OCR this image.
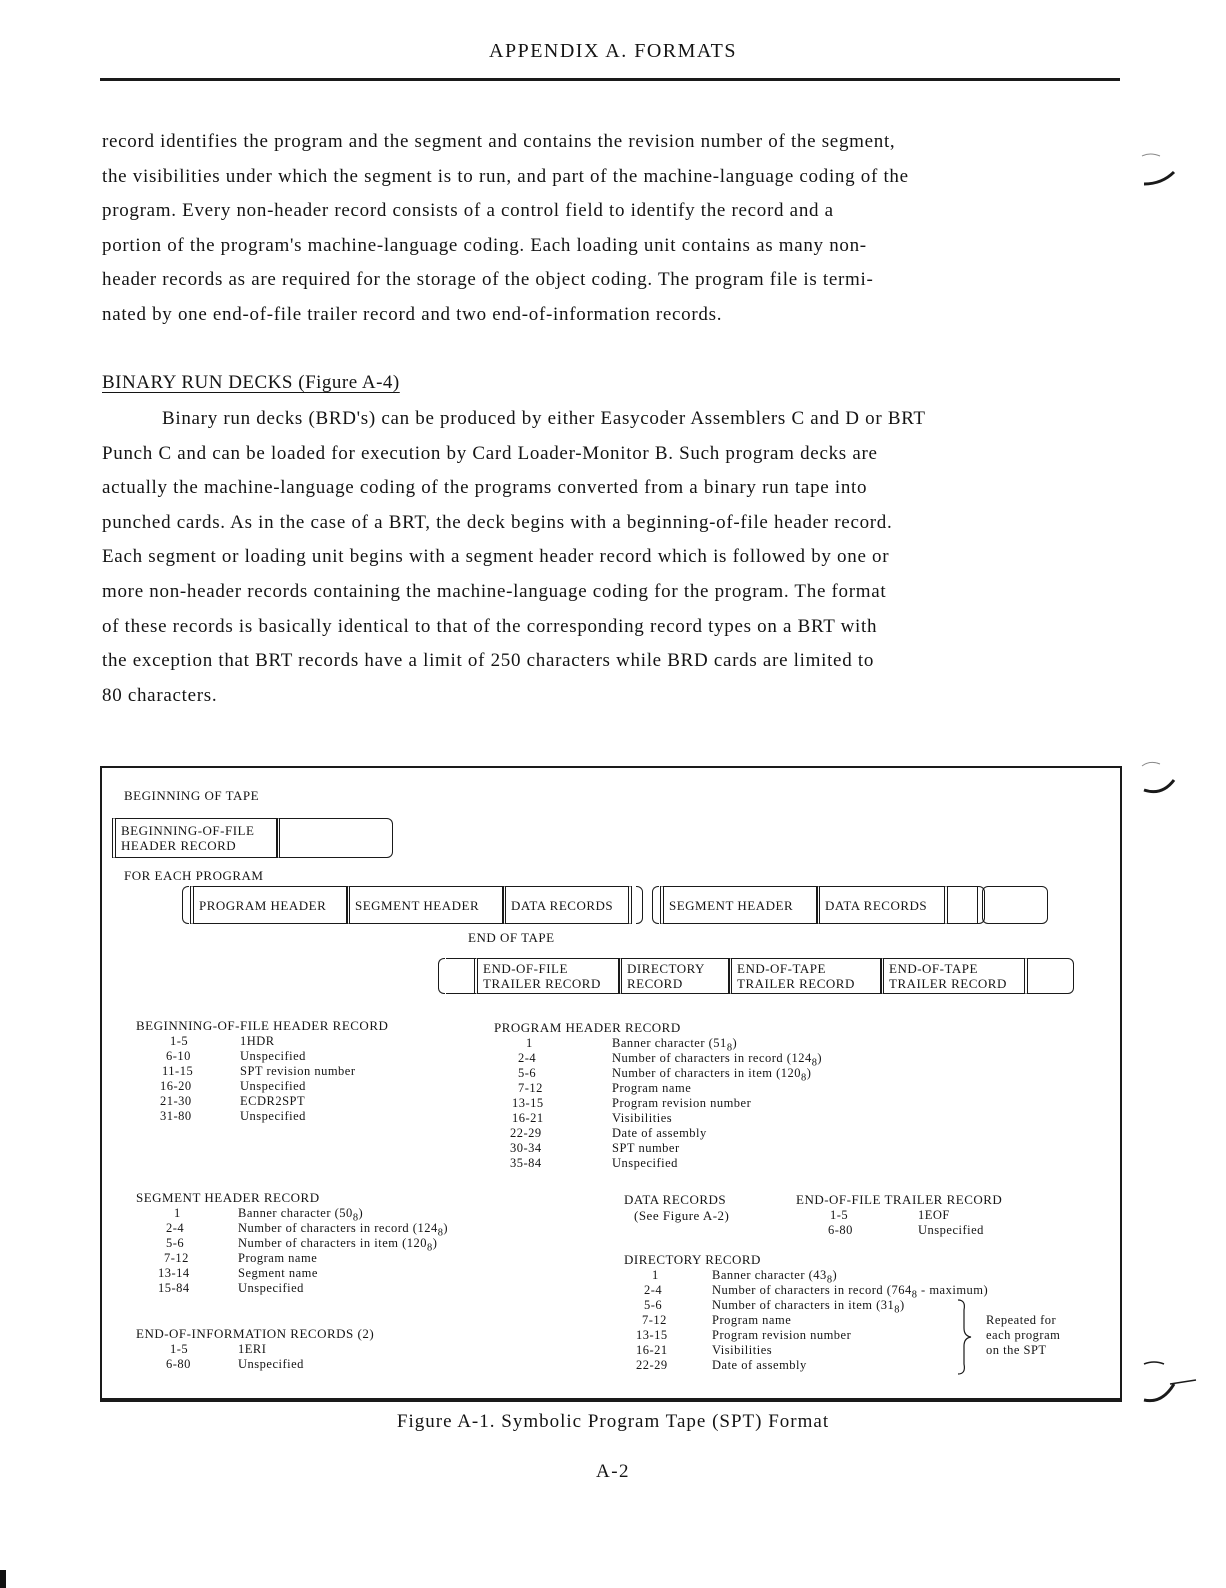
APPENDIX A. FORMATS
record identifies the program and the segment and contains the revision number of the segment,
the visibilities under which the segment is to run, and part of the machine-language coding of the
program. Every non-header record consists of a control field to identify the record and a
portion of the program's machine-language coding. Each loading unit contains as many non-
header records as are required for the storage of the object coding. The program file is termi-
nated by one end-of-file trailer record and two end-of-information records.
BINARY RUN DECKS (Figure A-4)
Binary run decks (BRD's) can be produced by either Easycoder Assemblers C and D or BRT
Punch C and can be loaded for execution by Card Loader-Monitor B. Such program decks are
actually the machine-language coding of the programs converted from a binary run tape into
punched cards. As in the case of a BRT, the deck begins with a beginning-of-file header record.
Each segment or loading unit begins with a segment header record which is followed by one or
more non-header records containing the machine-language coding for the program. The format
of these records is basically identical to that of the corresponding record types on a BRT with
the exception that BRT records have a limit of 250 characters while BRD cards are limited to
80 characters.
BEGINNING OF TAPE
BEGINNING-OF-FILE
HEADER RECORD
FOR EACH PROGRAM
PROGRAM HEADER	SEGMENT HEADER	DATA RECORDS	SEGMENT HEADER	DATA RECORDS
END OF TAPE
END-OF-FILE
TRAILER RECORD
DIRECTORY
RECORD
END-OF-TAPE
TRAILER RECORD
END-OF-TAPE
TRAILER RECORD
BEGINNING-OF-FILE HEADER RECORD
1-5	1HDR
6-10	Unspecified
11-15	SPT revision number
16-20	Unspecified
21-30	ECDR2SPT
31-80	Unspecified
PROGRAM HEADER RECORD
1	Banner character $(51_8)$
2-4	Number of characters in record $(124_8)$
5-6	Number of characters in item $(120_8)$
7-12	Program name
13-15	Program revision number
16-21	Visibilities
22-29	Date of assembly
30-34	SPT number
35-84	Unspecified
SEGMENT HEADER RECORD
1	Banner character $(50_8)$
2-4	Number of characters in record $(124_8)$
5-6	Number of characters in item $(120_8)$
7-12	Program name
13-14	Segment name
15-84	Unspecified
DATA RECORDS
(See Figure A-2)
END-OF-FILE TRAILER RECORD
1-5	1EOF
6-80	Unspecified
DIRECTORY RECORD
1	Banner character $(43_8)$
2-4	Number of characters in record ($764_8$ - maximum)
5-6	Number of characters in item $(31_8)$
7-12	Program name
13-15	Program revision number
16-21	Visibilities
22-29	Date of assembly
Repeated for
each program
on the SPT
END-OF-INFORMATION RECORDS (2)
1-5	1ERI
6-80	Unspecified
Figure A-1. Symbolic Program Tape (SPT) Format
A-2
